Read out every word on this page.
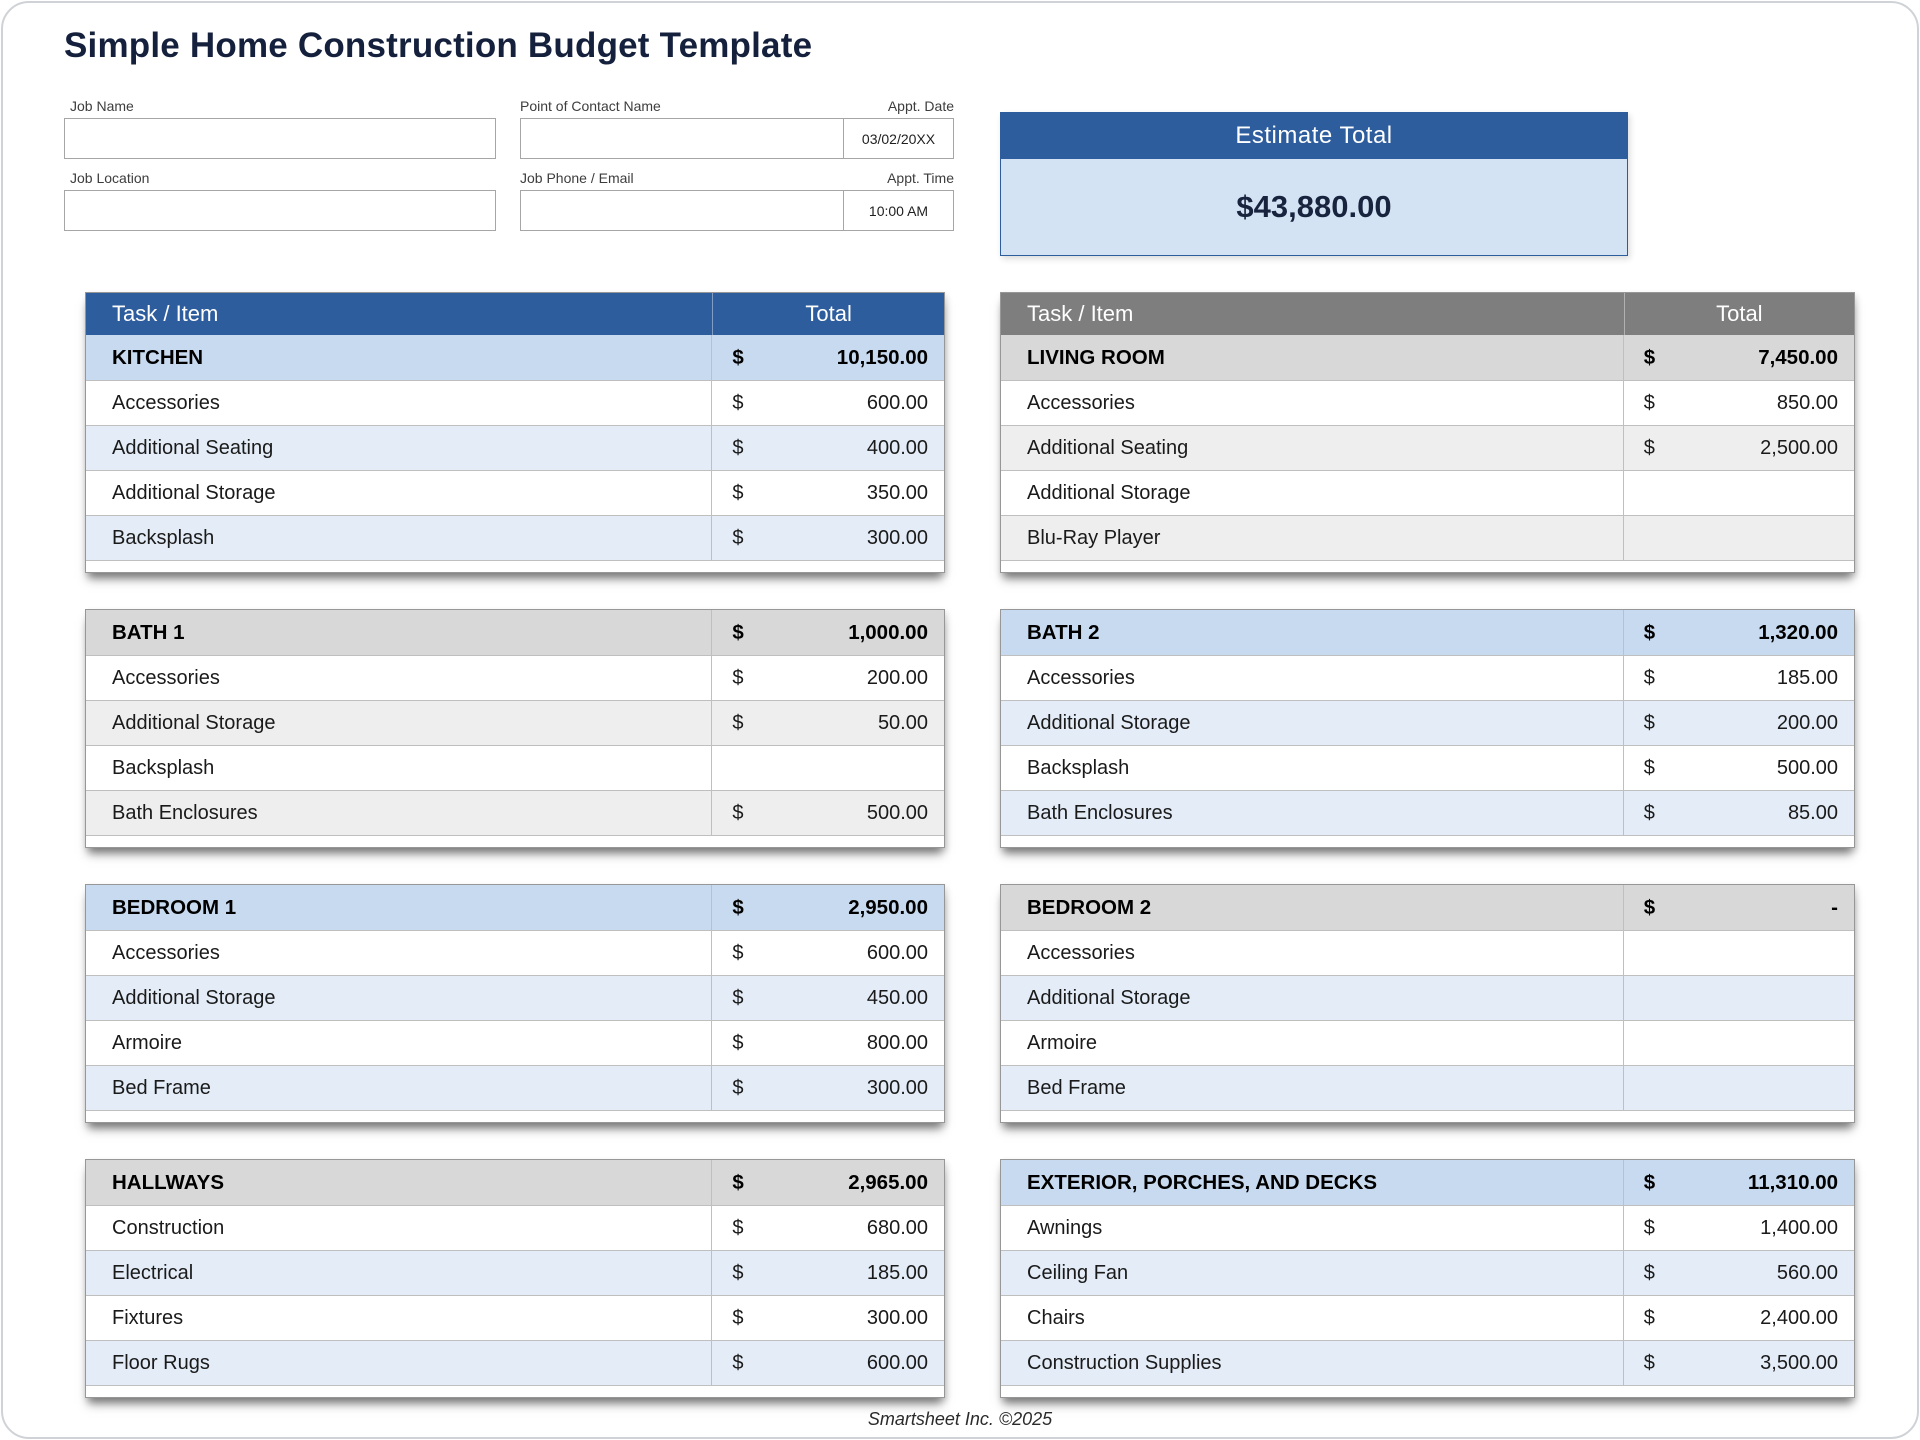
Simple Home Construction Budget Template
Job Name	Point of Contact Name	Appt. Date
03/02/20XX
Job Location	Job Phone / Email	Appt. Time
10:00 AM
Estimate Total
$43,880.00
Task / Item	Total
KITCHEN	$	10,150.00
Accessories	$	600.00
Additional Seating	$	400.00
Additional Storage	$	350.00
Backsplash	$	300.00
BATH 1	$	1,000.00
Accessories	$	200.00
Additional Storage	$	50.00
Backsplash
Bath Enclosures	$	500.00
BEDROOM 1	$	2,950.00
Accessories	$	600.00
Additional Storage	$	450.00
Armoire	$	800.00
Bed Frame	$	300.00
HALLWAYS	$	2,965.00
Construction	$	680.00
Electrical	$	185.00
Fixtures	$	300.00
Floor Rugs	$	600.00
Task / Item	Total
LIVING ROOM	$	7,450.00
Accessories	$	850.00
Additional Seating	$	2,500.00
Additional Storage
Blu-Ray Player
BATH 2	$	1,320.00
Accessories	$	185.00
Additional Storage	$	200.00
Backsplash	$	500.00
Bath Enclosures	$	85.00
BEDROOM 2	$	-
Accessories
Additional Storage
Armoire
Bed Frame
EXTERIOR, PORCHES, AND DECKS	$	11,310.00
Awnings	$	1,400.00
Ceiling Fan	$	560.00
Chairs	$	2,400.00
Construction Supplies	$	3,500.00
Smartsheet Inc. ©2025
